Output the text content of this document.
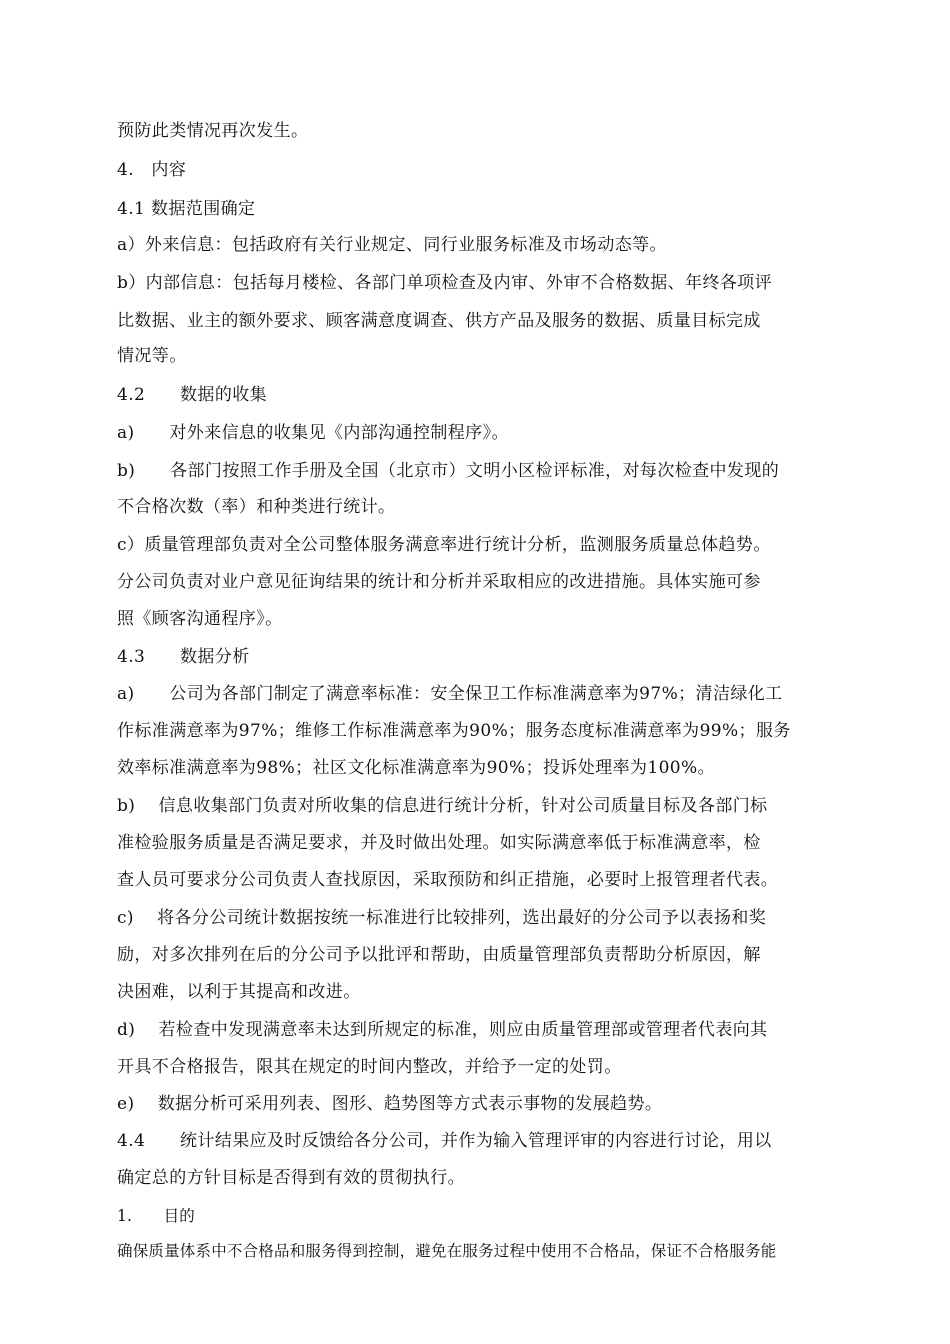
预防此类情况再次发生。
4.　内容
4.1 数据范围确定
a）外来信息：包括政府有关行业规定、同行业服务标准及市场动态等。
b）内部信息：包括每月楼检、各部门单项检查及内审、外审不合格数据、年终各项评
比数据、业主的额外要求、顾客满意度调查、供方产品及服务的数据、质量目标完成
情况等。
4.2　　数据的收集
a)　　对外来信息的收集见《内部沟通控制程序》。
b)　　各部门按照工作手册及全国（北京市）文明小区检评标准，对每次检查中发现的
不合格次数（率）和种类进行统计。
c）质量管理部负责对全公司整体服务满意率进行统计分析，监测服务质量总体趋势。
分公司负责对业户意见征询结果的统计和分析并采取相应的改进措施。具体实施可参
照《顾客沟通程序》。
4.3　　数据分析
a)　　公司为各部门制定了满意率标准：安全保卫工作标准满意率为97%；清洁绿化工
作标准满意率为97%；维修工作标准满意率为90%；服务态度标准满意率为99%；服务
效率标准满意率为98%；社区文化标准满意率为90%；投诉处理率为100%。
b)　 信息收集部门负责对所收集的信息进行统计分析，针对公司质量目标及各部门标
准检验服务质量是否满足要求，并及时做出处理。如实际满意率低于标准满意率，检
查人员可要求分公司负责人查找原因，采取预防和纠正措施，必要时上报管理者代表。
c)　 将各分公司统计数据按统一标准进行比较排列，选出最好的分公司予以表扬和奖
励，对多次排列在后的分公司予以批评和帮助，由质量管理部负责帮助分析原因，解
决困难，以利于其提高和改进。
d)　 若检查中发现满意率未达到所规定的标准，则应由质量管理部或管理者代表向其
开具不合格报告，限其在规定的时间内整改，并给予一定的处罚。
e)　 数据分析可采用列表、图形、趋势图等方式表示事物的发展趋势。
4.4　　统计结果应及时反馈给各分公司，并作为输入管理评审的内容进行讨论，用以
确定总的方针目标是否得到有效的贯彻执行。
1.　　目的
确保质量体系中不合格品和服务得到控制，避免在服务过程中使用不合格品，保证不合格服务能
